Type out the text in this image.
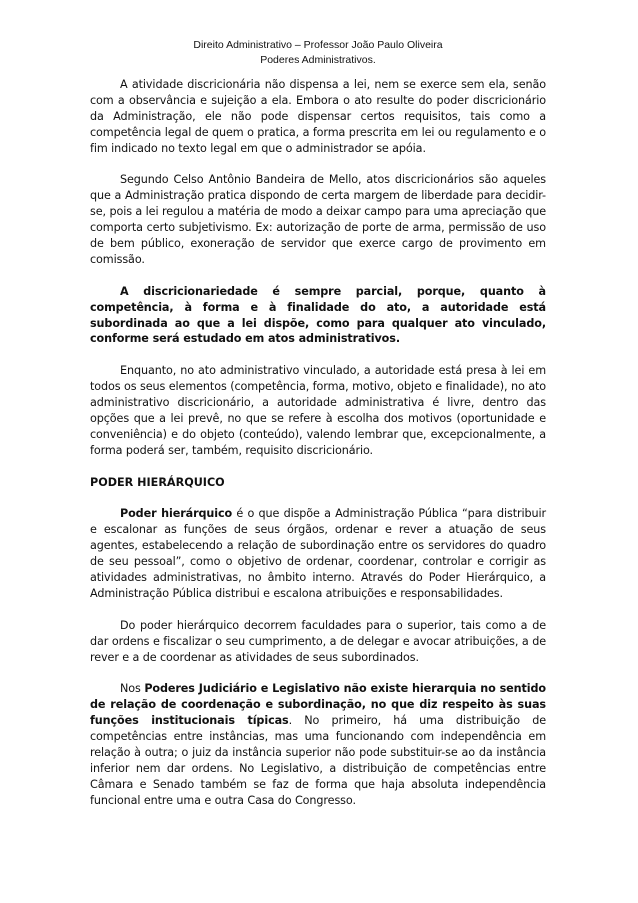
Direito Administrativo – Professor João Paulo Oliveira
Poderes Administrativos.

A atividade discricionária não dispensa a lei, nem se exerce sem ela, senão com a observância e sujeição a ela. Embora o ato resulte do poder discricionário da Administração, ele não pode dispensar certos requisitos, tais como a competência legal de quem o pratica, a forma prescrita em lei ou regulamento e o fim indicado no texto legal em que o administrador se apóia.

Segundo Celso Antônio Bandeira de Mello, atos discricionários são aqueles que a Administração pratica dispondo de certa margem de liberdade para decidir-se, pois a lei regulou a matéria de modo a deixar campo para uma apreciação que comporta certo subjetivismo. Ex: autorização de porte de arma, permissão de uso de bem público, exoneração de servidor que exerce cargo de provimento em comissão.

A discricionariedade é sempre parcial, porque, quanto à competência, à forma e à finalidade do ato, a autoridade está subordinada ao que a lei dispõe, como para qualquer ato vinculado, conforme será estudado em atos administrativos.

Enquanto, no ato administrativo vinculado, a autoridade está presa à lei em todos os seus elementos (competência, forma, motivo, objeto e finalidade), no ato administrativo discricionário, a autoridade administrativa é livre, dentro das opções que a lei prevê, no que se refere à escolha dos motivos (oportunidade e conveniência) e do objeto (conteúdo), valendo lembrar que, excepcionalmente, a forma poderá ser, também, requisito discricionário.

PODER HIERÁRQUICO

Poder hierárquico é o que dispõe a Administração Pública “para distribuir e escalonar as funções de seus órgãos, ordenar e rever a atuação de seus agentes, estabelecendo a relação de subordinação entre os servidores do quadro de seu pessoal”, como o objetivo de ordenar, coordenar, controlar e corrigir as atividades administrativas, no âmbito interno. Através do Poder Hierárquico, a Administração Pública distribui e escalona atribuições e responsabilidades.

Do poder hierárquico decorrem faculdades para o superior, tais como a de dar ordens e fiscalizar o seu cumprimento, a de delegar e avocar atribuições, a de rever e a de coordenar as atividades de seus subordinados.

Nos Poderes Judiciário e Legislativo não existe hierarquia no sentido de relação de coordenação e subordinação, no que diz respeito às suas funções institucionais típicas. No primeiro, há uma distribuição de competências entre instâncias, mas uma funcionando com independência em relação à outra; o juiz da instância superior não pode substituir-se ao da instância inferior nem dar ordens. No Legislativo, a distribuição de competências entre Câmara e Senado também se faz de forma que haja absoluta independência funcional entre uma e outra Casa do Congresso.
